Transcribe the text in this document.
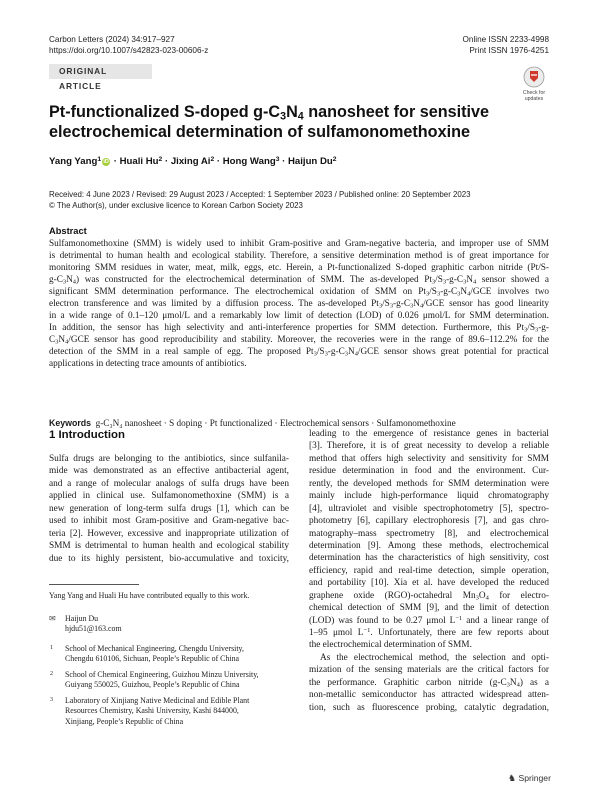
Carbon Letters (2024) 34:917–927
https://doi.org/10.1007/s42823-023-00606-z
Online ISSN 2233-4998
Print ISSN 1976-4251
ORIGINAL ARTICLE
Check for
updates
Pt-functionalized S-doped $g-C_3N_4$ nanosheet for sensitive
electrochemical determination of sulfamonomethoxine
Yang Yang$^1$ iD · Huali $Hu^2$ · Jixing $Ai^2$ · Hong Wang$^3$ · Haijun Du$^2$
Received: 4 June 2023 / Revised: 29 August 2023 / Accepted: 1 September 2023 / Published online: 20 September 2023
© The Author(s), under exclusive licence to Korean Carbon Society 2023
Abstract
Sulfamonomethoxine (SMM) is widely used to inhibit Gram-positive and Gram-negative bacteria, and improper use of SMM
is detrimental to human health and ecological stability. Therefore, a sensitive determination method is of great importance for
monitoring SMM residues in water, meat, milk, eggs, etc. Herein, a Pt-functionalized S-doped graphitic carbon nitride (Pt/S-
$g-C_3N_4$) was constructed for the electrochemical determination of SMM. The as-developed $Pt_3/S_3-g-C_3N_4$ sensor showed a
significant SMM determination performance. The electrochemical oxidation of SMM on $Pt_3/S_3-g-C_3N_4$/GCE involves two
electron transference and was limited by a diffusion process. The as-developed $Pt_3/S_3-g-C_3N_4$/GCE sensor has good linearity
in a wide range of 0.1–120 μmol/L and a remarkably low limit of detection (LOD) of 0.026 μmol/L for SMM determination.
In addition, the sensor has high selectivity and anti-interference properties for SMM detection. Furthermore, this $Pt_3/S_3-g-$
$C_3N_4$/GCE sensor has good reproducibility and stability. Moreover, the recoveries were in the range of 89.6–112.2% for the
detection of the SMM in a real sample of egg. The proposed $Pt_3/S_3-g-C_3N_4$/GCE sensor shows great potential for practical
applications in detecting trace amounts of antibiotics.
Keywords g-C₃N₄ nanosheet · S doping · Pt functionalized · Electrochemical sensors · Sulfamonomethoxine
1 Introduction
Sulfa drugs are belonging to the antibiotics, since sulfanila-
mide was demonstrated as an effective antibacterial agent,
and a range of molecular analogs of sulfa drugs have been
applied in clinical use. Sulfamonomethoxine (SMM) is a
new generation of long-term sulfa drugs [1], which can be
used to inhibit most Gram-positive and Gram-negative bac-
teria [2]. However, excessive and inappropriate utilization of
SMM is detrimental to human health and ecological stability
due to its highly persistent, bio-accumulative and toxicity,
Yang Yang and Huali Hu have contributed equally to this work.
✉ Haijun Du
hjdu51@163.com
1 School of Mechanical Engineering, Chengdu University,
Chengdu 610106, Sichuan, People’s Republic of China
2 School of Chemical Engineering, Guizhou Minzu University,
Guiyang 550025, Guizhou, People’s Republic of China
3 Laboratory of Xinjiang Native Medicinal and Edible Plant
Resources Chemistry, Kashi University, Kashi 844000,
Xinjiang, People’s Republic of China
leading to the emergence of resistance genes in bacterial
[3]. Therefore, it is of great necessity to develop a reliable
method that offers high selectivity and sensitivity for SMM
residue determination in food and the environment. Cur-
rently, the developed methods for SMM determination were
mainly include high-performance liquid chromatography
[4], ultraviolet and visible spectrophotometry [5], spectro-
photometry [6], capillary electrophoresis [7], and gas chro-
matography–mass spectrometry [8], and electrochemical
determination [9]. Among these methods, electrochemical
determination has the characteristics of high sensitivity, cost
efficiency, rapid and real-time detection, simple operation,
and portability [10]. Xia et al. have developed the reduced
graphene oxide (RGO)-octahedral $Mn_3O_4$ for electro-
chemical detection of SMM [9], and the limit of detection
(LOD) was found to be 0.27 μmol $L^{-1}$ and a linear range of
1–95 μmol $L^{-1}$. Unfortunately, there are few reports about
the electrochemical determination of SMM.
As the electrochemical method, the selection and opti-
mization of the sensing materials are the critical factors for
the performance. Graphitic carbon nitride $(g-C_3N_4)$ as a
non-metallic semiconductor has attracted widespread atten-
tion, such as fluorescence probing, catalytic degradation,
♞ Springer
